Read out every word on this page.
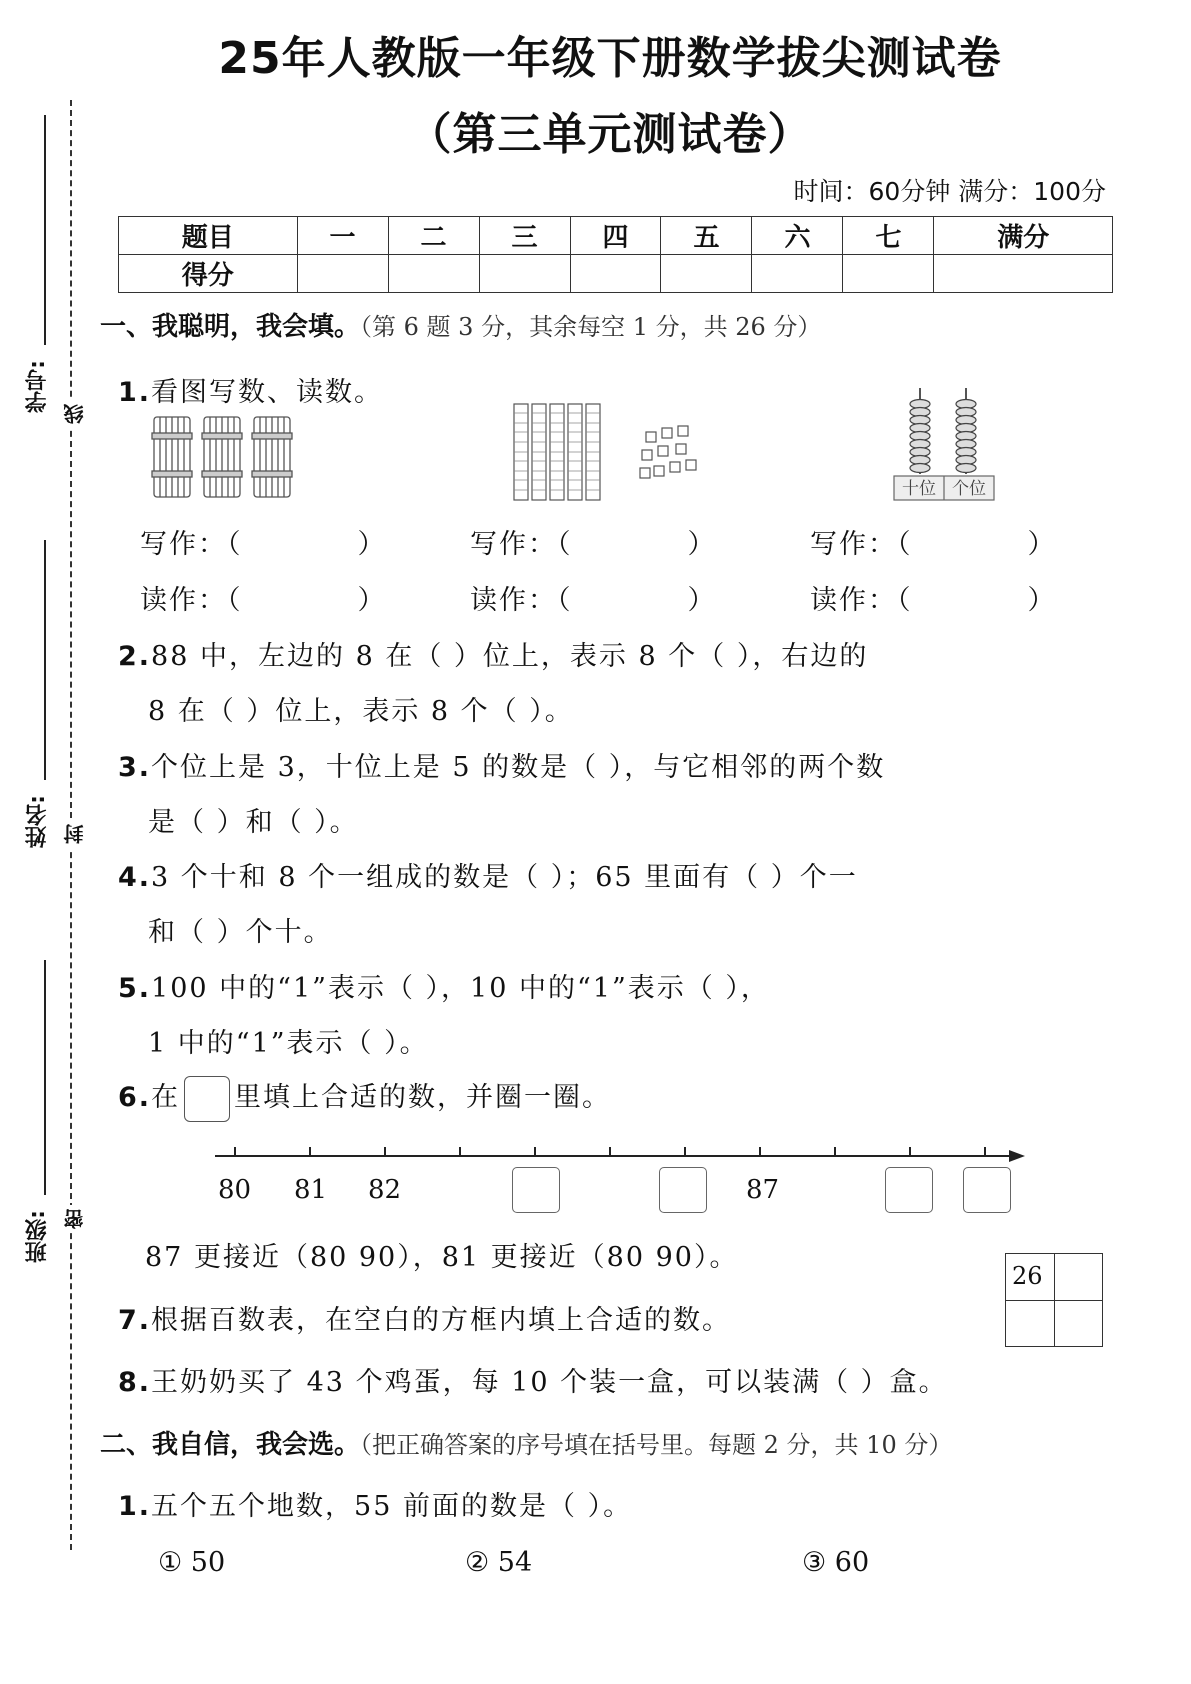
学号:
线
姓名: 封
班级: 密
25年人教版一年级下册数学拔尖测试卷
（第三单元测试卷）
时间：60分钟 满分：100分
题目	一	二	三	四	五	六	七	满分
得分								
一、我聪明，我会填。（第 6 题 3 分，其余每空 1 分，共 26 分）
1.看图写数、读数。
十位 个位
写作：（	）	写作：（	）	写作：（	）
读作：（	）	读作：（	）	读作：（	）
2.88 中，左边的 8 在（ ）位上，表示 8 个（ ），右边的
8 在（ ）位上，表示 8 个（ ）。
3.个位上是 3，十位上是 5 的数是（ ），与它相邻的两个数
是（ ）和（ ）。
4.3 个十和 8 个一组成的数是（ ）；65 里面有（ ）个一
和（ ）个十。
5.100 中的“1”表示（ ），10 中的“1”表示（ ），
1 中的“1”表示（ ）。
6.在 里填上合适的数，并圈一圈。
80 81 82	87
87 更接近（80 90），81 更接近（80 90）。
26
7.根据百数表，在空白的方框内填上合适的数。
8.王奶奶买了 43 个鸡蛋，每 10 个装一盒，可以装满（ ）盒。
二、我自信，我会选。（把正确答案的序号填在括号里。每题 2 分，共 10 分）
1.五个五个地数，55 前面的数是（ ）。
① 50	② 54	③ 60
